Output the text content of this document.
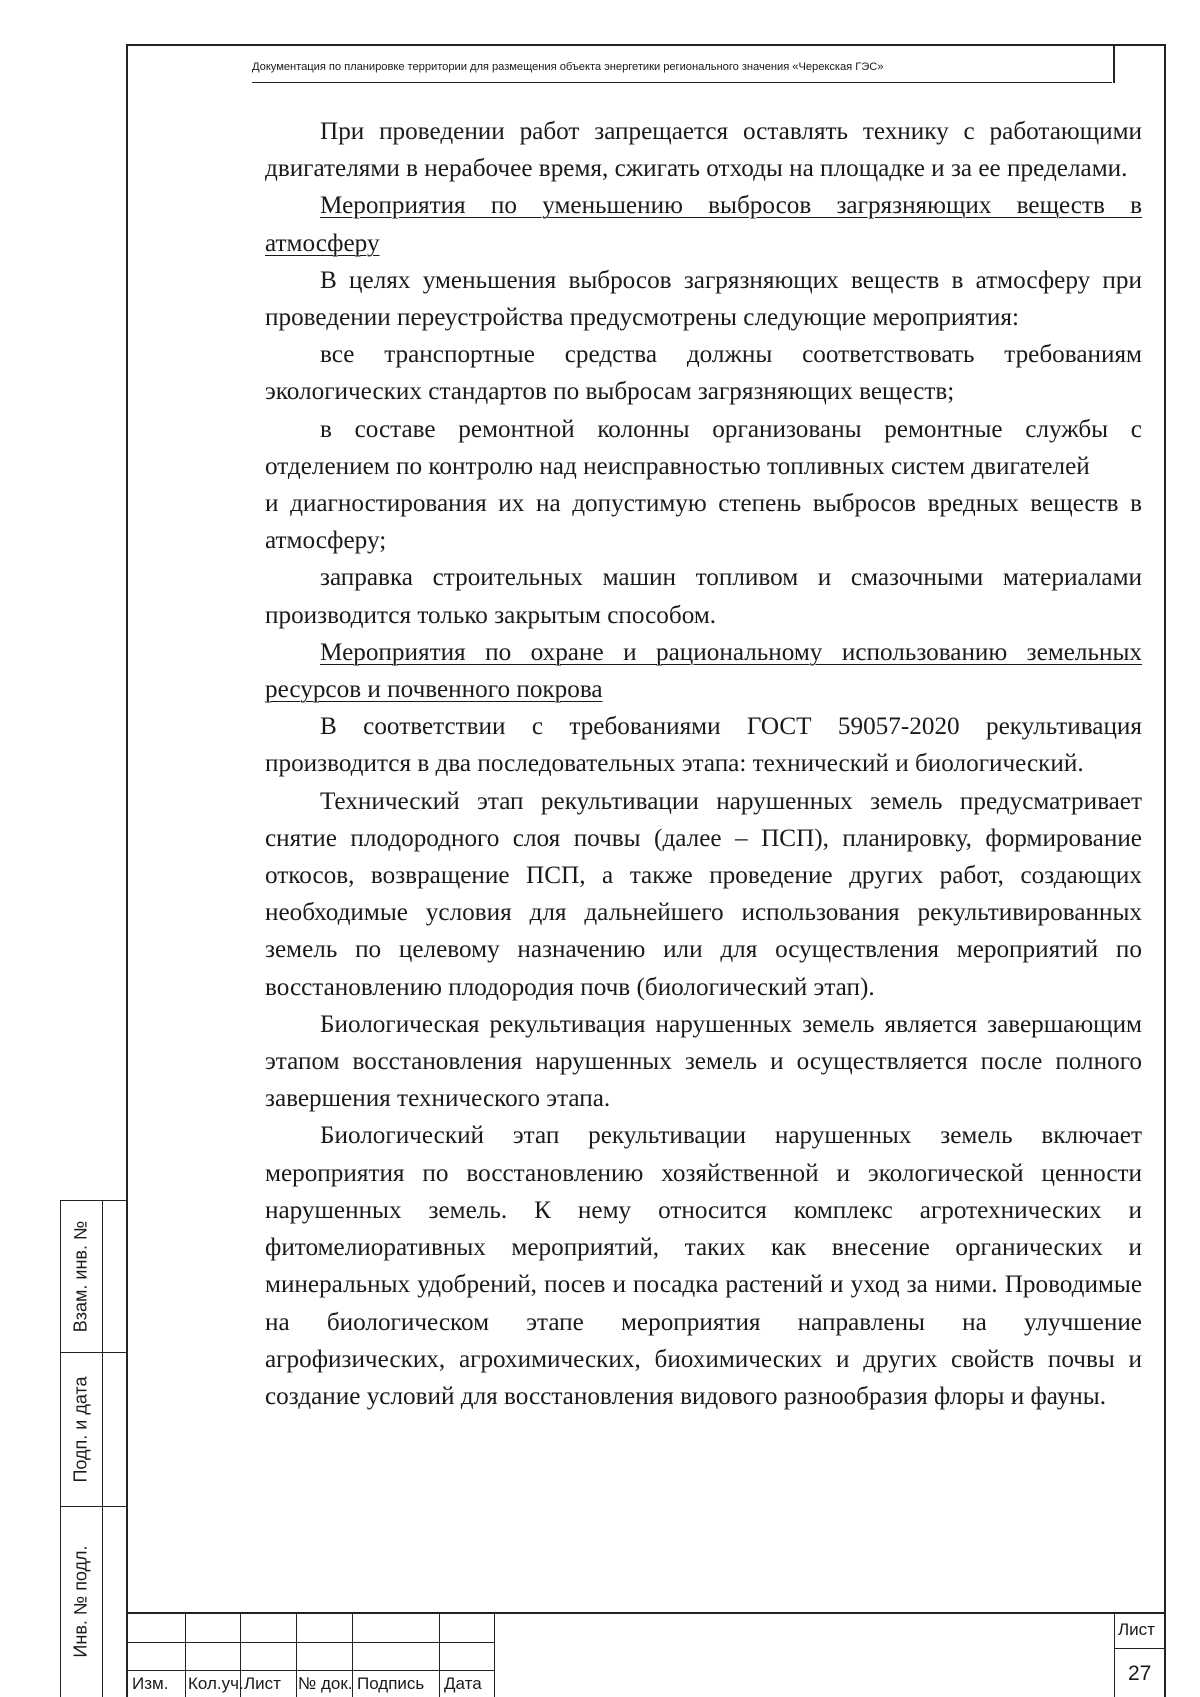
Документация по планировке территории для размещения объекта энергетики регионального значения «Черекская ГЭС»

При проведении работ запрещается оставлять технику с работающими двигателями в нерабочее время, сжигать отходы на площадке и за ее пределами.

Мероприятия по уменьшению выбросов загрязняющих веществ в атмосферу

В целях уменьшения выбросов загрязняющих веществ в атмосферу при проведении переустройства предусмотрены следующие мероприятия:

все транспортные средства должны соответствовать требованиям экологических стандартов по выбросам загрязняющих веществ;

в составе ремонтной колонны организованы ремонтные службы с отделением по контролю над неисправностью топливных систем двигателей

и диагностирования их на допустимую степень выбросов вредных веществ в атмосферу;

заправка строительных машин топливом и смазочными материалами производится только закрытым способом.

Мероприятия по охране и рациональному использованию земельных ресурсов и почвенного покрова

В соответствии с требованиями ГОСТ 59057-2020 рекультивация производится в два последовательных этапа: технический и биологический.

Технический этап рекультивации нарушенных земель предусматривает снятие плодородного слоя почвы (далее – ПСП), планировку, формирование откосов, возвращение ПСП, а также проведение других работ, создающих необходимые условия для дальнейшего использования рекультивированных земель по целевому назначению или для осуществления мероприятий по восстановлению плодородия почв (биологический этап).

Биологическая рекультивация нарушенных земель является завершающим этапом восстановления нарушенных земель и осуществляется после полного завершения технического этапа.

Биологический этап рекультивации нарушенных земель включает мероприятия по восстановлению хозяйственной и экологической ценности нарушенных земель. К нему относится комплекс агротехнических и фитомелиоративных мероприятий, таких как внесение органических и минеральных удобрений, посев и посадка растений и уход за ними. Проводимые на биологическом этапе мероприятия направлены на улучшение агрофизических, агрохимических, биохимических и других свойств почвы и создание условий для восстановления видового разнообразия флоры и фауны.

Взам. инв. №
Подп. и дата
Инв. № подл.
Изм. Кол.уч. Лист № док. Подпись Дата
Лист
27
